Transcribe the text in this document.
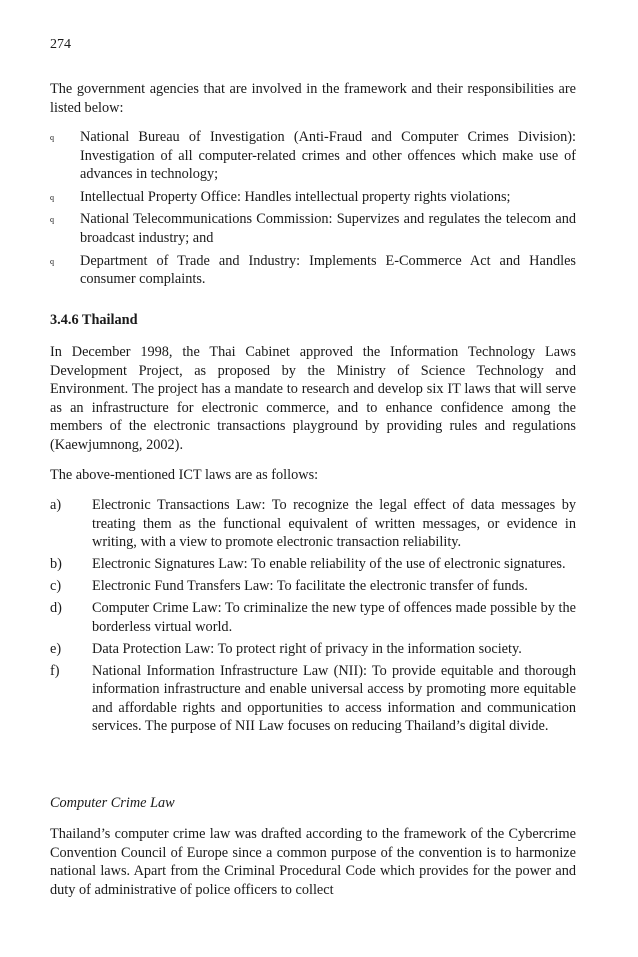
274

The government agencies that are involved in the framework and their responsibilities are listed below:

q National Bureau of Investigation (Anti-Fraud and Computer Crimes Division): Investigation of all computer-related crimes and other offences which make use of advances in technology;
q Intellectual Property Office: Handles intellectual property rights violations;
q National Telecommunications Commission: Supervizes and regulates the telecom and broadcast industry; and
q Department of Trade and Industry: Implements E-Commerce Act and Handles consumer complaints.
3.4.6 Thailand

In December 1998, the Thai Cabinet approved the Information Technology Laws Development Project, as proposed by the Ministry of Science Technology and Environment. The project has a mandate to research and develop six IT laws that will serve as an infrastructure for electronic commerce, and to enhance confidence among the members of the electronic transactions playground by providing rules and regulations (Kaewjumnong, 2002).

The above-mentioned ICT laws are as follows:

a) Electronic Transactions Law: To recognize the legal effect of data messages by treating them as the functional equivalent of written messages, or evidence in writing, with a view to promote electronic transaction reliability.
b) Electronic Signatures Law: To enable reliability of the use of electronic signatures.
c) Electronic Fund Transfers Law: To facilitate the electronic transfer of funds.
d) Computer Crime Law: To criminalize the new type of offences made possible by the borderless virtual world.
e) Data Protection Law: To protect right of privacy in the information society.
f) National Information Infrastructure Law (NII): To provide equitable and thorough information infrastructure and enable universal access by promoting more equitable and affordable rights and opportunities to access information and communication services. The purpose of NII Law focuses on reducing Thailand’s digital divide.
Computer Crime Law

Thailand’s computer crime law was drafted according to the framework of the Cybercrime Convention Council of Europe since a common purpose of the convention is to harmonize national laws. Apart from the Criminal Procedural Code which provides for the power and duty of administrative of police officers to collect
